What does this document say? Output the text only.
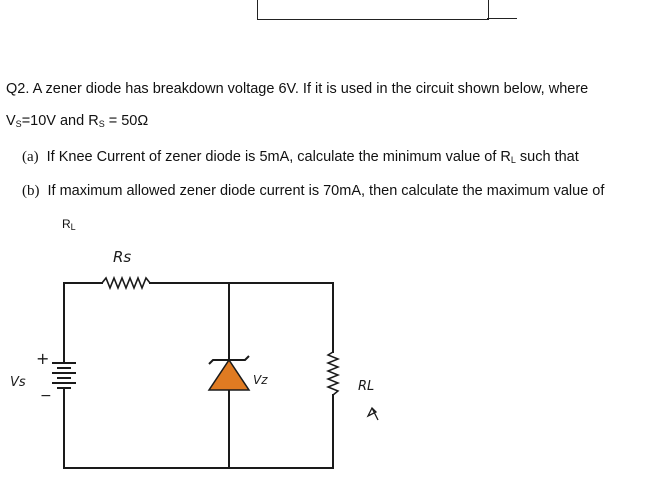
Q2. A zener diode has breakdown voltage 6V. If it is used in the circuit shown below, where
$V_S=10V$ and $R_S = 50\Omega$
(a) If Knee Current of zener diode is 5mA, calculate the minimum value of $R_L$ such that
(b) If maximum allowed zener diode current is 70mA, then calculate the maximum value of
$R_L$
Rs
Vs
+
−
Vz	RL
